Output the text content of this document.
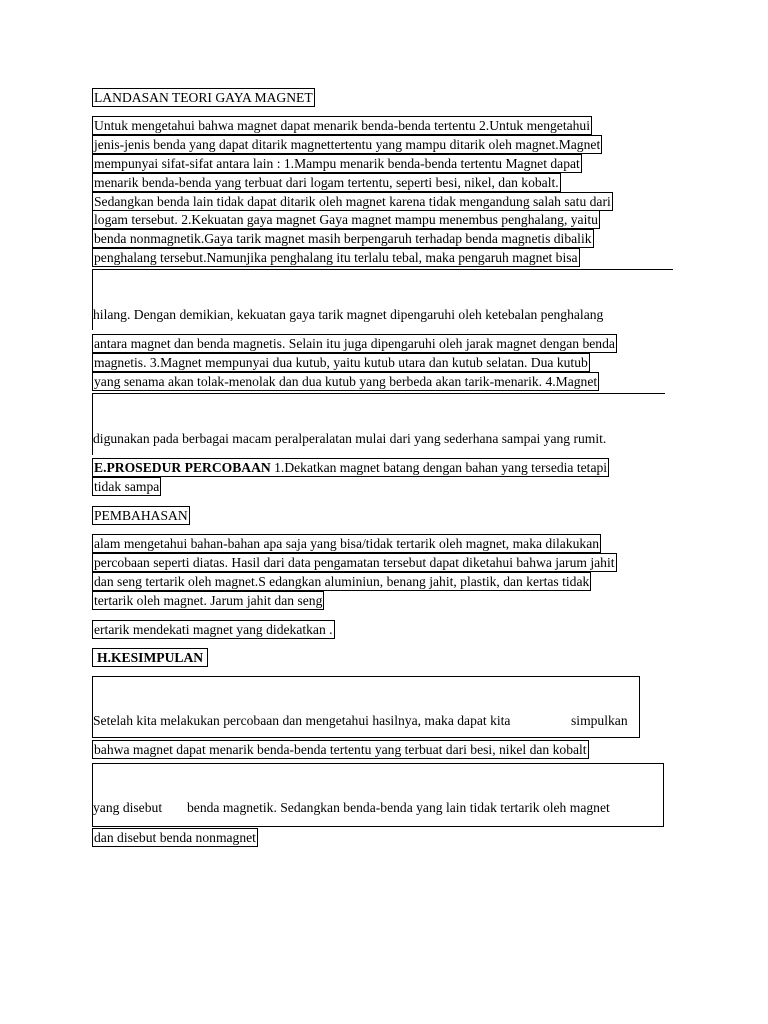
LANDASAN TEORI GAYA MAGNET
Untuk mengetahui bahwa magnet dapat menarik benda-benda tertentu 2.Untuk mengetahui
jenis-jenis benda yang dapat ditarik magnettertentu yang mampu ditarik oleh magnet.Magnet
mempunyai sifat-sifat antara lain : 1.Mampu menarik benda-benda tertentu Magnet dapat
menarik benda-benda yang terbuat dari logam tertentu, seperti besi, nikel, dan kobalt.
Sedangkan benda lain tidak dapat ditarik oleh magnet karena tidak mengandung salah satu dari
logam tersebut. 2.Kekuatan gaya magnet Gaya magnet mampu menembus penghalang, yaitu
benda nonmagnetik.Gaya tarik magnet masih berpengaruh terhadap benda magnetis dibalik
penghalang tersebut.Namunjika penghalang itu terlalu tebal, maka pengaruh magnet bisa
hilang. Dengan demikian, kekuatan gaya tarik magnet dipengaruhi oleh ketebalan penghalang
antara magnet dan benda magnetis. Selain itu juga dipengaruhi oleh jarak magnet dengan benda
magnetis. 3.Magnet mempunyai dua kutub, yaitu kutub utara dan kutub selatan. Dua kutub
yang senama akan tolak-menolak dan dua kutub yang berbeda akan tarik-menarik. 4.Magnet
digunakan pada berbagai macam peralperalatan mulai dari yang sederhana sampai yang rumit.
E.PROSEDUR PERCOBAAN 1.Dekatkan magnet batang dengan bahan yang tersedia tetapi
tidak sampa
PEMBAHASAN
alam mengetahui bahan-bahan apa saja yang bisa/tidak tertarik oleh magnet, maka dilakukan
percobaan seperti diatas. Hasil dari data pengamatan tersebut dapat diketahui bahwa jarum jahit
dan seng tertarik oleh magnet.S edangkan aluminiun, benang jahit, plastik, dan kertas tidak
tertarik oleh magnet. Jarum jahit dan seng
ertarik mendekati magnet yang didekatkan .
H.KESIMPULAN
Setelah kita melakukan percobaan dan mengetahui hasilnya, maka dapat kita	simpulkan
bahwa magnet dapat menarik benda-benda tertentu yang terbuat dari besi, nikel dan kobalt
yang disebut benda magnetik. Sedangkan benda-benda yang lain tidak tertarik oleh magnet
dan disebut benda nonmagnet
